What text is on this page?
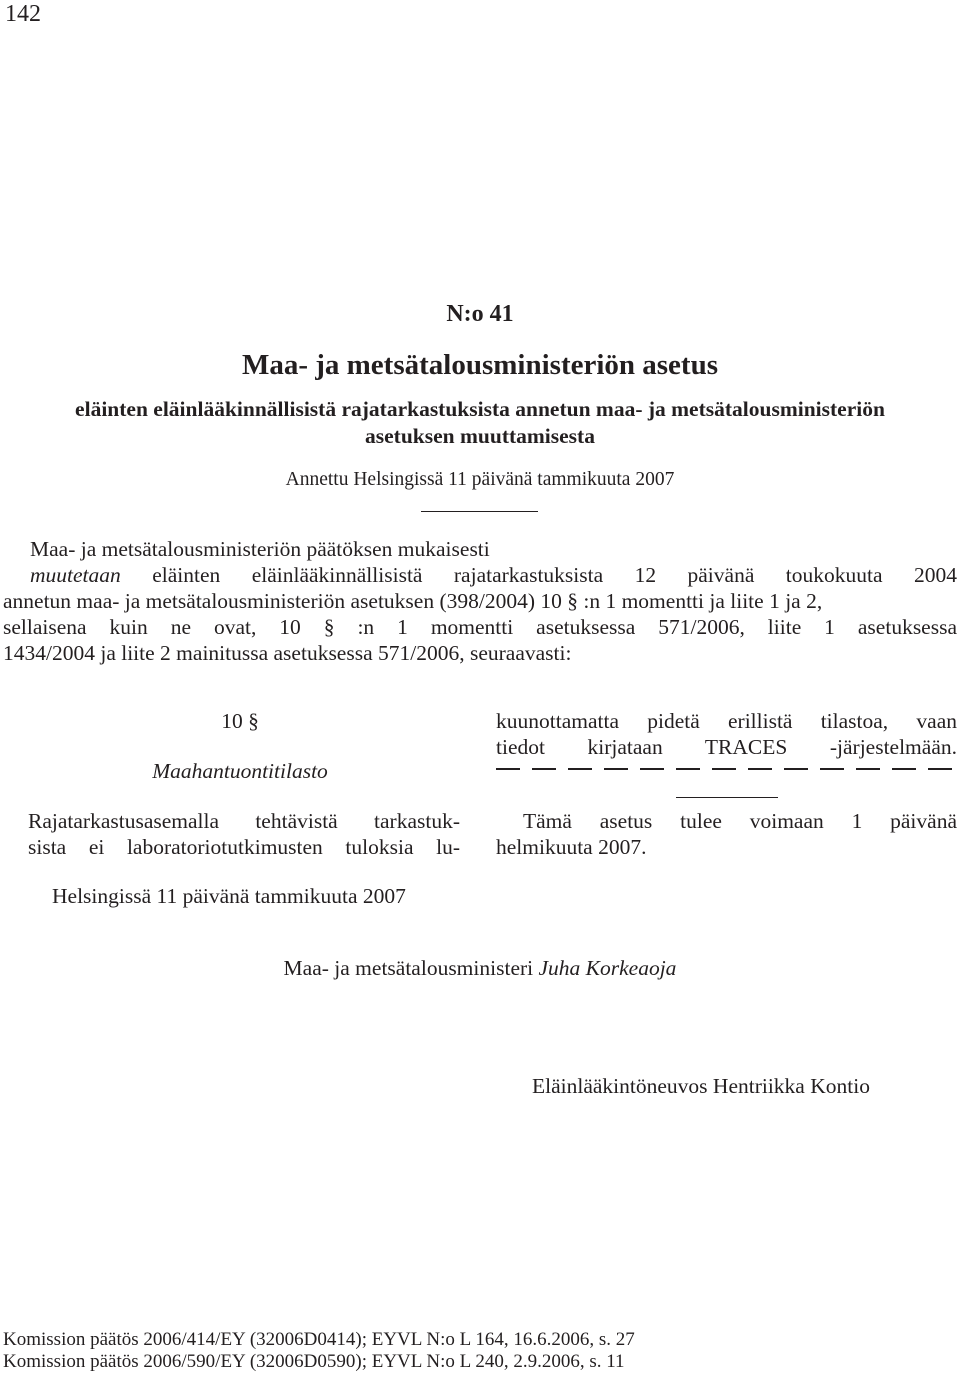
142
N:o 41
Maa- ja metsätalousministeriön asetus
eläinten eläinlääkinnällisistä rajatarkastuksista annetun maa- ja metsätalousministeriön
asetuksen muuttamisesta
Annettu Helsingissä 11 päivänä tammikuuta 2007

Maa- ja metsätalousministeriön päätöksen mukaisesti

muutetaan eläinten eläinlääkinnällisistä rajatarkastuksista 12 päivänä toukokuuta 2004

annetun maa- ja metsätalousministeriön asetuksen (398/2004) 10 § :n 1 momentti ja liite 1 ja 2,

sellaisena kuin ne ovat, 10 § :n 1 momentti asetuksessa 571/2006, liite 1 asetuksessa

1434/2004 ja liite 2 mainitussa asetuksessa 571/2006, seuraavasti:

10 §
Maahantuontitilasto
Rajatarkastusasemalla tehtävistä tarkastuk-
sista ei laboratoriotutkimusten tuloksia lu-
kuunottamatta pidetä erillistä tilastoa, vaan
tiedot kirjataan TRACES -järjestelmään.
Tämä asetus tulee voimaan 1 päivänä
helmikuuta 2007.
Helsingissä 11 päivänä tammikuuta 2007
Maa- ja metsätalousministeri Juha Korkeaoja
Eläinlääkintöneuvos Hentriikka Kontio
Komission päätös 2006/414/EY (32006D0414); EYVL N:o L 164, 16.6.2006, s. 27
Komission päätös 2006/590/EY (32006D0590); EYVL N:o L 240, 2.9.2006, s. 11
